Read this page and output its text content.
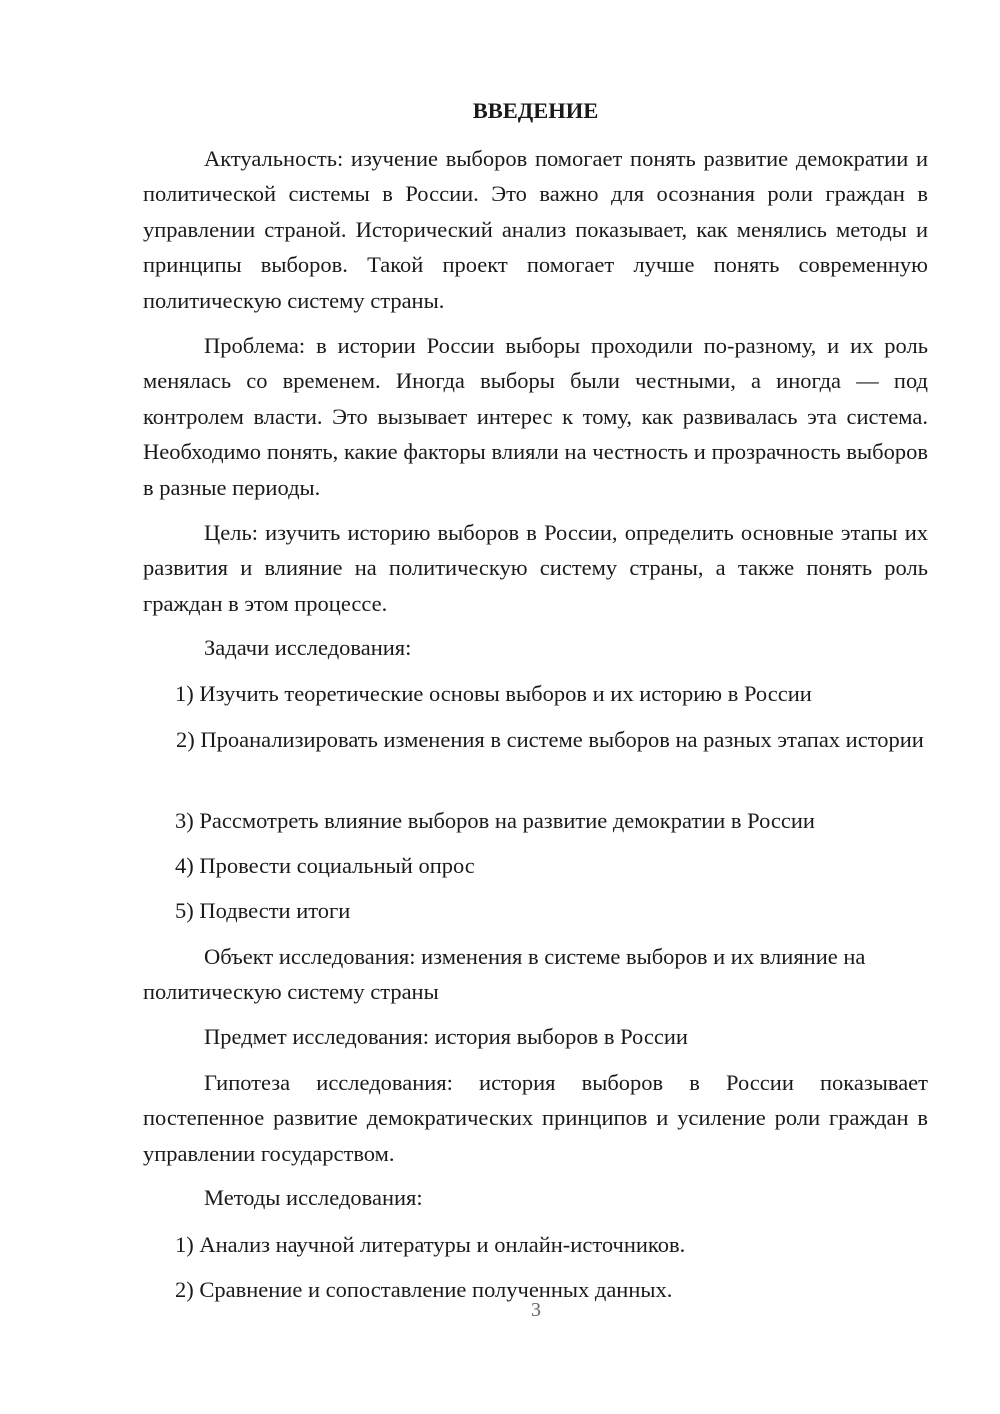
ВВЕДЕНИЕ
Актуальность: изучение выборов помогает понять развитие демократии и политической системы в России. Это важно для осознания роли граждан в управлении страной. Исторический анализ показывает, как менялись методы и принципы выборов. Такой проект помогает лучше понять современную политическую систему страны.
Проблема: в истории России выборы проходили по-разному, и их роль менялась со временем. Иногда выборы были честными, а иногда — под контролем власти. Это вызывает интерес к тому, как развивалась эта система. Необходимо понять, какие факторы влияли на честность и прозрачность выборов в разные периоды.
Цель: изучить историю выборов в России, определить основные этапы их развития и влияние на политическую систему страны, а также понять роль граждан в этом процессе.
Задачи исследования:
1) Изучить теоретические основы выборов и их историю в России
2) Проанализировать изменения в системе выборов на разных этапах истории
3) Рассмотреть влияние выборов на развитие демократии в России
4) Провести социальный опрос
5) Подвести итоги
Объект исследования: изменения в системе выборов и их влияние на политическую систему страны
Предмет исследования: история выборов в России
Гипотеза исследования: история выборов в России показывает постепенное развитие демократических принципов и усиление роли граждан в управлении государством.
Методы исследования:
1) Анализ научной литературы и онлайн-источников.
2) Сравнение и сопоставление полученных данных.
3
